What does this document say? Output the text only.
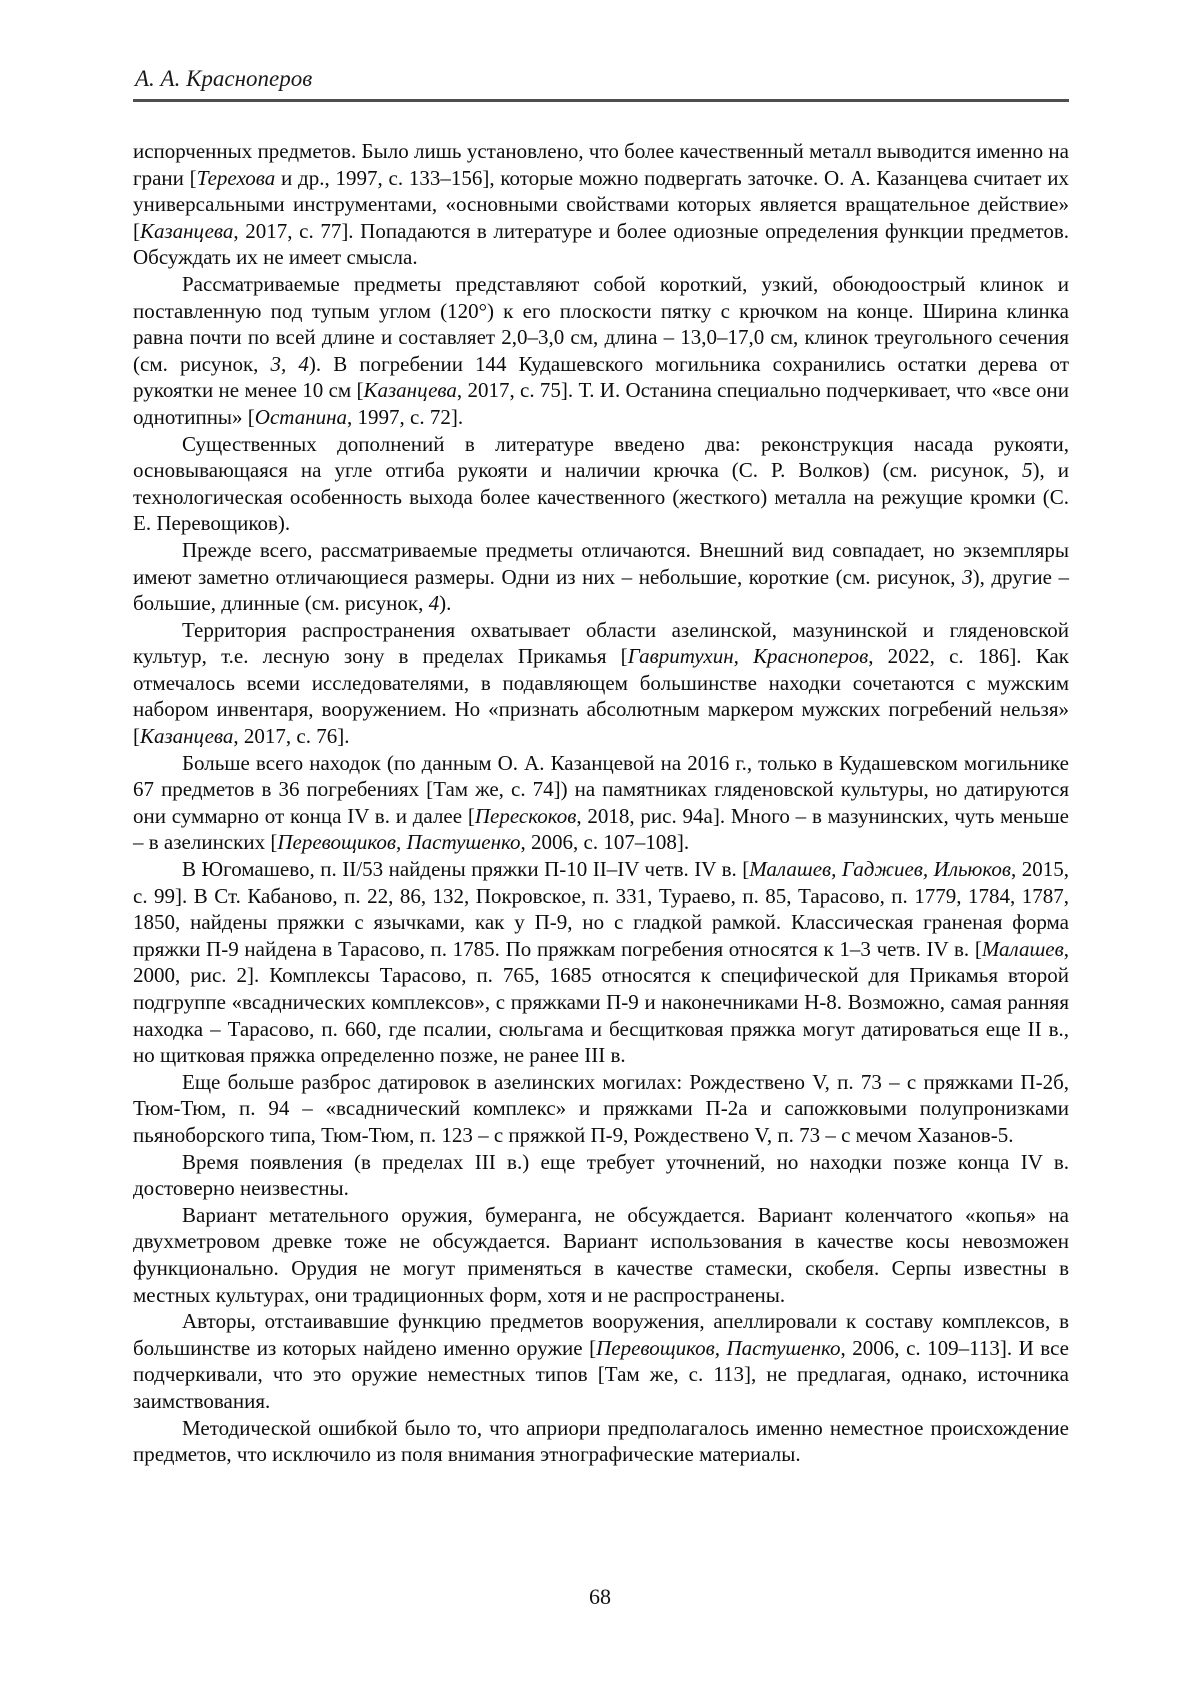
А. А. Красноперов

испорченных предметов. Было лишь установлено, что более качественный металл выводится именно на грани [Терехова и др., 1997, с. 133–156], которые можно подвергать заточке. О. А. Казанцева считает их универсальными инструментами, «основными свойствами которых является вращательное действие» [Казанцева, 2017, с. 77]. Попадаются в литературе и более одиозные определения функции предметов. Обсуждать их не имеет смысла.

Рассматриваемые предметы представляют собой короткий, узкий, обоюдоострый клинок и поставленную под тупым углом (120°) к его плоскости пятку с крючком на конце. Ширина клинка равна почти по всей длине и составляет 2,0–3,0 см, длина – 13,0–17,0 см, клинок треугольного сечения (см. рисунок, 3, 4). В погребении 144 Кудашевского могильника сохранились остатки дерева от рукоятки не менее 10 см [Казанцева, 2017, с. 75]. Т. И. Останина специально подчеркивает, что «все они однотипны» [Останина, 1997, с. 72].

Существенных дополнений в литературе введено два: реконструкция насада рукояти, основывающаяся на угле отгиба рукояти и наличии крючка (С. Р. Волков) (см. рисунок, 5), и технологическая особенность выхода более качественного (жесткого) металла на режущие кромки (С. Е. Перевощиков).

Прежде всего, рассматриваемые предметы отличаются. Внешний вид совпадает, но экземпляры имеют заметно отличающиеся размеры. Одни из них – небольшие, короткие (см. рисунок, 3), другие – большие, длинные (см. рисунок, 4).

Территория распространения охватывает области азелинской, мазунинской и гляденовской культур, т.е. лесную зону в пределах Прикамья [Гавритухин, Красноперов, 2022, с. 186]. Как отмечалось всеми исследователями, в подавляющем большинстве находки сочетаются с мужским набором инвентаря, вооружением. Но «признать абсолютным маркером мужских погребений нельзя» [Казанцева, 2017, с. 76].

Больше всего находок (по данным О. А. Казанцевой на 2016 г., только в Кудашевском могильнике 67 предметов в 36 погребениях [Там же, с. 74]) на памятниках гляденовской культуры, но датируются они суммарно от конца IV в. и далее [Перескоков, 2018, рис. 94а]. Много – в мазунинских, чуть меньше – в азелинских [Перевощиков, Пастушенко, 2006, с. 107–108].

В Югомашево, п. II/53 найдены пряжки П-10 II–IV четв. IV в. [Малашев, Гаджиев, Ильюков, 2015, с. 99]. В Ст. Кабаново, п. 22, 86, 132, Покровское, п. 331, Тураево, п. 85, Тарасово, п. 1779, 1784, 1787, 1850, найдены пряжки с язычками, как у П-9, но с гладкой рамкой. Классическая граненая форма пряжки П-9 найдена в Тарасово, п. 1785. По пряжкам погребения относятся к 1–3 четв. IV в. [Малашев, 2000, рис. 2]. Комплексы Тарасово, п. 765, 1685 относятся к специфической для Прикамья второй подгруппе «всаднических комплексов», с пряжками П-9 и наконечниками Н-8. Возможно, самая ранняя находка – Тарасово, п. 660, где псалии, сюльгама и бесщитковая пряжка могут датироваться еще II в., но щитковая пряжка определенно позже, не ранее III в.

Еще больше разброс датировок в азелинских могилах: Рождествено V, п. 73 – с пряжками П-2б, Тюм-Тюм, п. 94 – «всаднический комплекс» и пряжками П-2а и сапожковыми полупронизками пьяноборского типа, Тюм-Тюм, п. 123 – с пряжкой П-9, Рождествено V, п. 73 – с мечом Хазанов-5.

Время появления (в пределах III в.) еще требует уточнений, но находки позже конца IV в. достоверно неизвестны.

Вариант метательного оружия, бумеранга, не обсуждается. Вариант коленчатого «копья» на двухметровом древке тоже не обсуждается. Вариант использования в качестве косы невозможен функционально. Орудия не могут применяться в качестве стамески, скобеля. Серпы известны в местных культурах, они традиционных форм, хотя и не распространены.

Авторы, отстаивавшие функцию предметов вооружения, апеллировали к составу комплексов, в большинстве из которых найдено именно оружие [Перевощиков, Пастушенко, 2006, с. 109–113]. И все подчеркивали, что это оружие неместных типов [Там же, с. 113], не предлагая, однако, источника заимствования.

Методической ошибкой было то, что априори предполагалось именно неместное происхождение предметов, что исключило из поля внимания этнографические материалы.

68
